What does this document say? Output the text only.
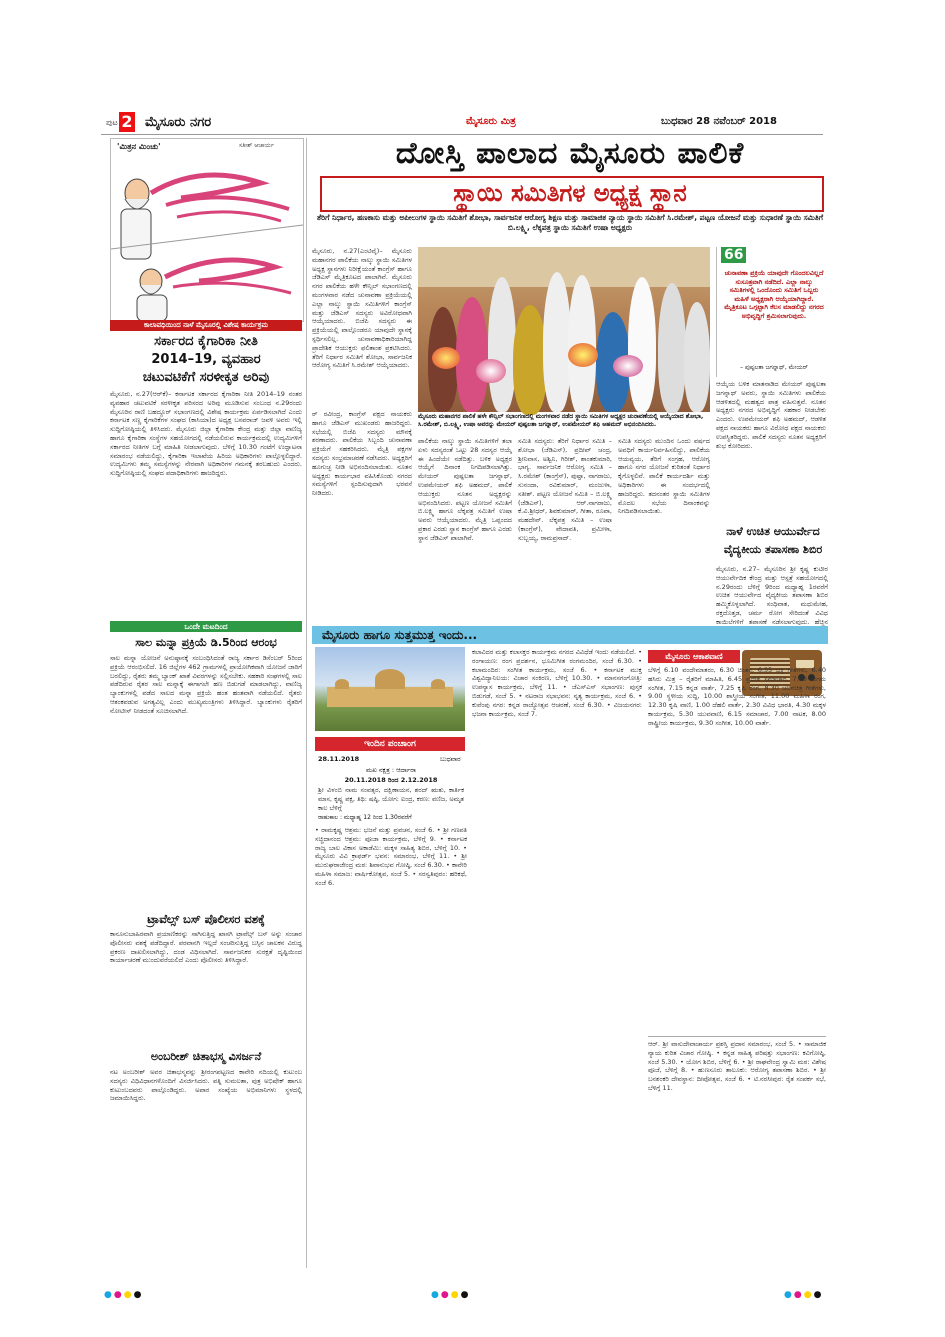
ಪುಟ 2 ಮೈಸೂರು ನಗರ	ಮೈಸೂರು ಮಿತ್ರ	ಬುಧವಾರ 28 ನವೆಂಬರ್ 2018
'ಮಿತ್ರನ ಮಿಂಚು'	ಸತೀಶ್ ಆಚಾರ್ಯ
ಕಾಲಾವಧಿಯಿಂದ ನಾಳೆ ಮೈಸೂರಲ್ಲಿ ವಿಶೇಷ ಕಾರ್ಯಕ್ರಮ
ಸರ್ಕಾರದ ಕೈಗಾರಿಕಾ ನೀತಿ
2014–19, ವ್ಯವಹಾರ
ಚಟುವಟಿಕೆಗೆ ಸರಳೀಕೃತ ಅರಿವು
ಮೈಸೂರು, ನ.27(ಆರ್‌ಕೆ)– ಕರ್ನಾಟಕ ಸರ್ಕಾರದ ಕೈಗಾರಿಕಾ ನೀತಿ 2014–19 ನಂತರ ವ್ಯವಹಾರ ಚಟುವಟಿಕೆ ಸರಳೀಕೃತ ಪರಿಸರದ ಅರಿವು ಮೂಡಿಸುವ ಸಂಬಂಧ ನ.29ರಂದು ಮೈಸೂರಿನ ರಾಣಿ ಬಹದ್ದೂರ್ ಸಭಾಂಗಣದಲ್ಲಿ ವಿಶೇಷ ಕಾರ್ಯಕ್ರಮ ಏರ್ಪಡಿಸಲಾಗಿದೆ ಎಂದು ಕರ್ನಾಟಕ ಸಣ್ಣ ಕೈಗಾರಿಕೆಗಳ ಸಂಘದ (ಕಾಸಿಯಾ)ದ ಅಧ್ಯಕ್ಷ ಬಸವರಾಜ್ ಜವಳಿ ಅವರು ಇಲ್ಲಿ ಸುದ್ದಿಗೋಷ್ಠಿಯಲ್ಲಿ ತಿಳಿಸಿದರು. ಮೈಸೂರು ಜಿಲ್ಲಾ ಕೈಗಾರಿಕಾ ಕೇಂದ್ರ ಮತ್ತು ಜಿಲ್ಲಾ ವಾಣಿಜ್ಯ ಹಾಗೂ ಕೈಗಾರಿಕಾ ಸಂಸ್ಥೆಗಳ ಸಹಯೋಗದಲ್ಲಿ ನಡೆಯಲಿರುವ ಕಾರ್ಯಕ್ರಮದಲ್ಲಿ ಉದ್ಯಮಿಗಳಿಗೆ ಸರ್ಕಾರದ ನೀತಿಗಳ ಬಗ್ಗೆ ಮಾಹಿತಿ ನೀಡಲಾಗುವುದು. ಬೆಳಿಗ್ಗೆ 10.30 ಗಂಟೆಗೆ ಉದ್ಘಾಟನಾ ಸಮಾರಂಭ ನಡೆಯಲಿದ್ದು, ಕೈಗಾರಿಕಾ ಇಲಾಖೆಯ ಹಿರಿಯ ಅಧಿಕಾರಿಗಳು ಪಾಲ್ಗೊಳ್ಳಲಿದ್ದಾರೆ. ಉದ್ಯಮಿಗಳು ತಮ್ಮ ಸಮಸ್ಯೆಗಳನ್ನು ನೇರವಾಗಿ ಅಧಿಕಾರಿಗಳ ಗಮನಕ್ಕೆ ತರಬಹುದು ಎಂದರು. ಸುದ್ದಿಗೋಷ್ಠಿಯಲ್ಲಿ ಸಂಘದ ಪದಾಧಿಕಾರಿಗಳು ಹಾಜರಿದ್ದರು.
ಒಂದೇ ಮಟದಿಂದ
ಸಾಲ ಮನ್ನಾ ಪ್ರಕ್ರಿಯೆ ಡಿ.5ರಿಂದ ಆರಂಭ
ಸಾಲ ಮನ್ನಾ ಯೋಜನೆ ಅನುಷ್ಠಾನಕ್ಕೆ ಸಂಬಂಧಿಸಿದಂತೆ ರಾಜ್ಯ ಸರ್ಕಾರ ಡಿಸೆಂಬರ್ 5ರಿಂದ ಪ್ರಕ್ರಿಯೆ ಆರಂಭಿಸಲಿದೆ. 16 ಜಿಲ್ಲೆಗಳ 462 ಗ್ರಾಮಗಳಲ್ಲಿ ಪ್ರಾಯೋಗಿಕವಾಗಿ ಯೋಜನೆ ಜಾರಿಗೆ ಬರಲಿದ್ದು, ರೈತರು ತಮ್ಮ ಬ್ಯಾಂಕ್ ಖಾತೆ ವಿವರಗಳನ್ನು ಸಲ್ಲಿಸಬೇಕು. ಸಹಕಾರಿ ಸಂಘಗಳಲ್ಲಿ ಸಾಲ ಪಡೆದಿರುವ ರೈತರ ಸಾಲ ಮನ್ನಾಕ್ಕೆ ಈಗಾಗಲೇ ಹಣ ಬಿಡುಗಡೆ ಮಾಡಲಾಗಿದ್ದು, ವಾಣಿಜ್ಯ ಬ್ಯಾಂಕುಗಳಲ್ಲಿ ಪಡೆದ ಸಾಲದ ಮನ್ನಾ ಪ್ರಕ್ರಿಯೆ ಹಂತ ಹಂತವಾಗಿ ನಡೆಯಲಿದೆ. ರೈತರು ಆತಂಕಪಡುವ ಅಗತ್ಯವಿಲ್ಲ ಎಂದು ಮುಖ್ಯಮಂತ್ರಿಗಳು ತಿಳಿಸಿದ್ದಾರೆ. ಬ್ಯಾಂಕುಗಳು ರೈತರಿಗೆ ನೋಟೀಸ್ ನೀಡದಂತೆ ಸೂಚಿಸಲಾಗಿದೆ.
ಟ್ರಾವೆಲ್ಸ್ ಬಸ್ ಪೊಲೀಸರ ವಶಕ್ಕೆ
ಕಾನೂನುಬಾಹಿರವಾಗಿ ಪ್ರಯಾಣಿಕರನ್ನು ಸಾಗಿಸುತ್ತಿದ್ದ ಖಾಸಗಿ ಟ್ರಾವೆಲ್ಸ್ ಬಸ್ ಅನ್ನು ಸಂಚಾರ ಪೊಲೀಸರು ವಶಕ್ಕೆ ಪಡೆದಿದ್ದಾರೆ. ಪರವಾನಗಿ ಇಲ್ಲದೆ ಸಂಚರಿಸುತ್ತಿದ್ದ ಬಸ್ಸಿನ ಚಾಲಕನ ವಿರುದ್ಧ ಪ್ರಕರಣ ದಾಖಲಿಸಲಾಗಿದ್ದು, ದಂಡ ವಿಧಿಸಲಾಗಿದೆ. ಸಾರ್ವಜನಿಕರ ಸುರಕ್ಷತೆ ದೃಷ್ಟಿಯಿಂದ ಕಾರ್ಯಾಚರಣೆ ಮುಂದುವರೆಯಲಿದೆ ಎಂದು ಪೊಲೀಸರು ತಿಳಿಸಿದ್ದಾರೆ.
ಅಂಬರೀಶ್ ಚಿತಾಭಸ್ಮ ವಿಸರ್ಜನೆ
ನಟ ಅಂಬರೀಶ್ ಅವರ ಚಿತಾಭಸ್ಮವನ್ನು ಶ್ರೀರಂಗಪಟ್ಟಣದ ಕಾವೇರಿ ನದಿಯಲ್ಲಿ ಕುಟುಂಬ ಸದಸ್ಯರು ವಿಧಿವಿಧಾನಗಳೊಂದಿಗೆ ವಿಸರ್ಜಿಸಿದರು. ಪತ್ನಿ ಸುಮಲತಾ, ಪುತ್ರ ಅಭಿಷೇಕ್ ಹಾಗೂ ಕುಟುಂಬದವರು ಪಾಲ್ಗೊಂಡಿದ್ದರು. ಅಪಾರ ಸಂಖ್ಯೆಯ ಅಭಿಮಾನಿಗಳು ಸ್ಥಳದಲ್ಲಿ ಜಮಾಯಿಸಿದ್ದರು.
ದೋಸ್ತಿ ಪಾಲಾದ ಮೈಸೂರು ಪಾಲಿಕೆ
ಸ್ಥಾಯಿ ಸಮಿತಿಗಳ ಅಧ್ಯಕ್ಷ ಸ್ಥಾನ
ತೆರಿಗೆ ನಿರ್ಧಾರ, ಹಣಕಾಸು ಮತ್ತು ಅಪೀಲುಗಳ ಸ್ಥಾಯಿ ಸಮಿತಿಗೆ ಶೋಭಾ, ಸಾರ್ವಜನಿಕ ಆರೋಗ್ಯ ಶಿಕ್ಷಣ ಮತ್ತು ಸಾಮಾಜಿಕ ನ್ಯಾಯ ಸ್ಥಾಯಿ ಸಮಿತಿಗೆ ಸಿ.ರಮೇಶ್, ಪಟ್ಟಣ ಯೋಜನೆ ಮತ್ತು ಸುಧಾರಣೆ ಸ್ಥಾಯಿ ಸಮಿತಿಗೆ ಬಿ.ಲಕ್ಷ್ಮಿ, ಲೆಕ್ಕಪತ್ರ ಸ್ಥಾಯಿ ಸಮಿತಿಗೆ ಉಷಾ ಅಧ್ಯಕ್ಷರು
ಮೈಸೂರು, ನ.27(ಎಂಟಿವೈ)– ಮೈಸೂರು ಮಹಾನಗರ ಪಾಲಿಕೆಯ ನಾಲ್ಕು ಸ್ಥಾಯಿ ಸಮಿತಿಗಳ ಅಧ್ಯಕ್ಷ ಸ್ಥಾನಗಳು ನಿರೀಕ್ಷೆಯಂತೆ ಕಾಂಗ್ರೆಸ್ ಹಾಗೂ ಜೆಡಿಎಸ್ ಮೈತ್ರಿಕೂಟದ ಪಾಲಾಗಿವೆ. ಮೈಸೂರು ನಗರ ಪಾಲಿಕೆಯ ಹಳೇ ಕೌನ್ಸಿಲ್ ಸಭಾಂಗಣದಲ್ಲಿ ಮಂಗಳವಾರ ನಡೆದ ಚುನಾವಣಾ ಪ್ರಕ್ರಿಯೆಯಲ್ಲಿ ಎಲ್ಲಾ ನಾಲ್ಕು ಸ್ಥಾಯಿ ಸಮಿತಿಗಳಿಗೆ ಕಾಂಗ್ರೆಸ್ ಮತ್ತು ಜೆಡಿಎಸ್ ಸದಸ್ಯರು ಅವಿರೋಧವಾಗಿ ಆಯ್ಕೆಯಾದರು. ಬಿಜೆಪಿ ಸದಸ್ಯರು ಈ ಪ್ರಕ್ರಿಯೆಯಲ್ಲಿ ಪಾಲ್ಗೊಂಡರೂ ಯಾವುದೇ ಸ್ಥಾನಕ್ಕೆ ಸ್ಪರ್ಧಿಸಲಿಲ್ಲ. ಚುನಾವಣಾಧಿಕಾರಿಯಾಗಿದ್ದ ಪ್ರಾದೇಶಿಕ ಆಯುಕ್ತರು ಫಲಿತಾಂಶ ಪ್ರಕಟಿಸಿದರು. ತೆರಿಗೆ ನಿರ್ಧಾರ ಸಮಿತಿಗೆ ಶೋಭಾ, ಸಾರ್ವಜನಿಕ ಆರೋಗ್ಯ ಸಮಿತಿಗೆ ಸಿ.ರಮೇಶ್ ಆಯ್ಕೆಯಾದರು.
66
ಚುನಾವಣಾ ಪ್ರಕ್ರಿಯೆ ಯಾವುದೇ ಗೊಂದಲವಿಲ್ಲದೆ ಸುಸೂತ್ರವಾಗಿ ನಡೆದಿದೆ. ಎಲ್ಲಾ ನಾಲ್ಕು ಸಮಿತಿಗಳಲ್ಲಿ ಒಂದೊಂದು ಸಮಿತಿಗೆ ಒಬ್ಬರು ಮಹಿಳೆ ಅಧ್ಯಕ್ಷರಾಗಿ ಆಯ್ಕೆಯಾಗಿದ್ದಾರೆ. ಮೈತ್ರಿಕೂಟ ಒಗ್ಗಟ್ಟಾಗಿ ಕೆಲಸ ಮಾಡಲಿದ್ದು ನಗರದ ಅಭಿವೃದ್ಧಿಗೆ ಶ್ರಮಿಸಲಾಗುವುದು.
– ಪುಷ್ಪಲತಾ ಜಗನ್ನಾಥ್, ಮೇಯರ್
ಆಯ್ಕೆಯ ಬಳಿಕ ಮಾತನಾಡಿದ ಮೇಯರ್ ಪುಷ್ಪಲತಾ ಜಗನ್ನಾಥ್ ಅವರು, ಸ್ಥಾಯಿ ಸಮಿತಿಗಳು ಪಾಲಿಕೆಯ ಆಡಳಿತದಲ್ಲಿ ಮಹತ್ವದ ಪಾತ್ರ ವಹಿಸುತ್ತವೆ. ನೂತನ ಅಧ್ಯಕ್ಷರು ನಗರದ ಅಭಿವೃದ್ಧಿಗೆ ಸಹಕಾರ ನೀಡಬೇಕು ಎಂದರು. ಉಪಮೇಯರ್ ಶಫಿ ಅಹಮದ್, ಆಡಳಿತ ಪಕ್ಷದ ನಾಯಕರು ಹಾಗೂ ವಿರೋಧ ಪಕ್ಷದ ನಾಯಕರು ಉಪಸ್ಥಿತರಿದ್ದರು. ಪಾಲಿಕೆ ಸದಸ್ಯರು ನೂತನ ಅಧ್ಯಕ್ಷರಿಗೆ ಶುಭ ಕೋರಿದರು.
ಮೈಸೂರು ಮಹಾನಗರ ಪಾಲಿಕೆ ಹಳೇ ಕೌನ್ಸಿಲ್ ಸಭಾಂಗಣದಲ್ಲಿ ಮಂಗಳವಾರ ನಡೆದ ಸ್ಥಾಯಿ ಸಮಿತಿಗಳ ಅಧ್ಯಕ್ಷರ ಚುನಾವಣೆಯಲ್ಲಿ ಆಯ್ಕೆಯಾದ ಶೋಭಾ, ಸಿ.ರಮೇಶ್, ಬಿ.ಲಕ್ಷ್ಮಿ, ಉಷಾ ಅವರನ್ನು ಮೇಯರ್ ಪುಷ್ಪಲತಾ ಜಗನ್ನಾಥ್, ಉಪಮೇಯರ್ ಶಫಿ ಅಹಮದ್ ಅಭಿನಂದಿಸಿದರು.

ರ್ ರವೀಂದ್ರ, ಕಾಂಗ್ರೆಸ್ ಪಕ್ಷದ ನಾಯಕರು ಹಾಗೂ ಜೆಡಿಎಸ್ ಮುಖಂಡರು ಹಾಜರಿದ್ದರು. ಸಭೆಯಲ್ಲಿ ಬಿಜೆಪಿ ಸದಸ್ಯರು ಮೌನಕ್ಕೆ ಶರಣಾದರು. ಪಾಲಿಕೆಯ ಸಿಬ್ಬಂದಿ ಚುನಾವಣಾ ಪ್ರಕ್ರಿಯೆಗೆ ಸಹಕರಿಸಿದರು. ಮೈತ್ರಿ ಪಕ್ಷಗಳ ಸದಸ್ಯರು ಸಂಭ್ರಮಾಚರಣೆ ನಡೆಸಿದರು. ಅಧ್ಯಕ್ಷರಿಗೆ ಹೂಗುಚ್ಛ ನೀಡಿ ಅಭಿನಂದಿಸಲಾಯಿತು. ನೂತನ ಅಧ್ಯಕ್ಷರು ಕಾರ್ಯಭಾರ ವಹಿಸಿಕೊಂಡು ನಗರದ ಸಮಸ್ಯೆಗಳಿಗೆ ಸ್ಪಂದಿಸುವುದಾಗಿ ಭರವಸೆ ನೀಡಿದರು.

ಪಾಲಿಕೆಯ ನಾಲ್ಕು ಸ್ಥಾಯಿ ಸಮಿತಿಗಳಿಗೆ ತಲಾ ಏಳು ಸದಸ್ಯರಂತೆ ಒಟ್ಟು 28 ಸದಸ್ಯರ ಆಯ್ಕೆ ಈ ಹಿಂದೆಯೇ ನಡೆದಿತ್ತು. ಬಳಿಕ ಅಧ್ಯಕ್ಷರ ಆಯ್ಕೆಗೆ ದಿನಾಂಕ ನಿಗದಿಪಡಿಸಲಾಗಿತ್ತು. ಮೇಯರ್ ಪುಷ್ಪಲತಾ ಜಗನ್ನಾಥ್, ಉಪಮೇಯರ್ ಶಫಿ ಅಹಮದ್, ಪಾಲಿಕೆ ಆಯುಕ್ತರು ನೂತನ ಅಧ್ಯಕ್ಷರನ್ನು ಅಭಿನಂದಿಸಿದರು. ಪಟ್ಟಣ ಯೋಜನೆ ಸಮಿತಿಗೆ ಬಿ.ಲಕ್ಷ್ಮಿ ಹಾಗೂ ಲೆಕ್ಕಪತ್ರ ಸಮಿತಿಗೆ ಉಷಾ ಅವರು ಆಯ್ಕೆಯಾದರು. ಮೈತ್ರಿ ಒಪ್ಪಂದದ ಪ್ರಕಾರ ಎರಡು ಸ್ಥಾನ ಕಾಂಗ್ರೆಸ್ ಹಾಗೂ ಎರಡು ಸ್ಥಾನ ಜೆಡಿಎಸ್ ಪಾಲಾಗಿವೆ.
ಸಮಿತಿ ಸದಸ್ಯರು: ತೆರಿಗೆ ನಿರ್ಧಾರ ಸಮಿತಿ – ಶೋಭಾ (ಜೆಡಿಎಸ್), ಪ್ರದೀಪ್ ಚಂದ್ರ, ಶ್ರೀನಿವಾಸ, ಅಶ್ವಿನಿ, ಗಿರೀಶ್, ಶಾಂತಕುಮಾರಿ, ಭಾಗ್ಯ. ಸಾರ್ವಜನಿಕ ಆರೋಗ್ಯ ಸಮಿತಿ – ಸಿ.ರಮೇಶ್ (ಕಾಂಗ್ರೆಸ್), ಪುಷ್ಪಾ, ನಾಗರಾಜು, ಸುನಂದಾ, ರವಿಕುಮಾರ್, ಮಂಜುಳಾ, ಸತೀಶ್. ಪಟ್ಟಣ ಯೋಜನೆ ಸಮಿತಿ – ಬಿ.ಲಕ್ಷ್ಮಿ (ಜೆಡಿಎಸ್), ಆರ್.ನಾಗರಾಜು, ಕೆ.ವಿ.ಶ್ರೀಧರ್, ಶಿವಕುಮಾರ್, ಗೀತಾ, ರೂಪಾ, ಮಹದೇವ್. ಲೆಕ್ಕಪತ್ರ ಸಮಿತಿ – ಉಷಾ (ಕಾಂಗ್ರೆಸ್), ವೇದಾವತಿ, ಪ್ರಮೀಳಾ, ಸುಬ್ಬಯ್ಯ, ರಾಮಪ್ರಸಾದ್.

ಸಮಿತಿ ಸದಸ್ಯರು ಮುಂದಿನ ಒಂದು ವರ್ಷದ ಅವಧಿಗೆ ಕಾರ್ಯನಿರ್ವಹಿಸಲಿದ್ದು, ಪಾಲಿಕೆಯ ಆಯವ್ಯಯ, ತೆರಿಗೆ ಸಂಗ್ರಹ, ಆರೋಗ್ಯ ಹಾಗೂ ನಗರ ಯೋಜನೆ ಕುರಿತಂತೆ ನಿರ್ಧಾರ ಕೈಗೊಳ್ಳಲಿವೆ. ಪಾಲಿಕೆ ಕಾರ್ಯದರ್ಶಿ ಮತ್ತು ಅಧಿಕಾರಿಗಳು ಈ ಸಂದರ್ಭದಲ್ಲಿ ಹಾಜರಿದ್ದರು. ತದನಂತರ ಸ್ಥಾಯಿ ಸಮಿತಿಗಳ ಮೊದಲ ಸಭೆಯ ದಿನಾಂಕವನ್ನು ನಿಗದಿಪಡಿಸಲಾಯಿತು.

ನಾಳೆ ಉಚಿತ ಆಯುರ್ವೇದ
ವೈದ್ಯಕೀಯ ತಪಾಸಣಾ ಶಿಬಿರ
ಮೈಸೂರು, ನ.27– ಮೈಸೂರಿನ ಶ್ರೀ ಕೃಷ್ಣ ಕುಟೀರ ಆಯುರ್ವೇದಿಕ ಕೇಂದ್ರ ಮತ್ತು ಆಸ್ಪತ್ರೆ ಸಹಯೋಗದಲ್ಲಿ ನ.29ರಂದು ಬೆಳಿಗ್ಗೆ 9ರಿಂದ ಮಧ್ಯಾಹ್ನ 1ರವರೆಗೆ ಉಚಿತ ಆಯುರ್ವೇದ ವೈದ್ಯಕೀಯ ತಪಾಸಣಾ ಶಿಬಿರ ಹಮ್ಮಿಕೊಳ್ಳಲಾಗಿದೆ. ಸಂಧಿವಾತ, ಮಧುಮೇಹ, ರಕ್ತದೊತ್ತಡ, ಚರ್ಮ ರೋಗ ಸೇರಿದಂತೆ ವಿವಿಧ ಕಾಯಿಲೆಗಳಿಗೆ ತಪಾಸಣೆ ನಡೆಸಲಾಗುವುದು. ಹೆಚ್ಚಿನ
ಮೈಸೂರು ಹಾಗೂ ಸುತ್ತಮುತ್ತ ಇಂದು...
ಇಂದಿನ ಪಂಚಾಂಗ
28.11.2018	ಬುಧವಾರ
ಮಖ ನಕ್ಷತ್ರ : ಆರ್ದಾರಾ
20.11.2018 ರಿಂದ 2.12.2018
ಶ್ರೀ ವಿಳಂಬಿ ನಾಮ ಸಂವತ್ಸರ, ದಕ್ಷಿಣಾಯನ, ಶರದ್ ಋತು, ಕಾರ್ತಿಕ ಮಾಸ, ಕೃಷ್ಣ ಪಕ್ಷ, ತಿಥಿ: ಷಷ್ಠಿ, ಯೋಗ: ಐಂದ್ರ, ಕರಣ: ವಣಿಜ, ಅಮೃತ ಕಾಲ ಬೆಳಿಗ್ಗೆ
ರಾಹುಕಾಲ : ಮಧ್ಯಾಹ್ನ 12 ರಿಂದ 1.30ರವರೆಗೆ
• ರಾಮಕೃಷ್ಣ ಆಶ್ರಮ: ಭಜನೆ ಮತ್ತು ಪ್ರವಚನ, ಸಂಜೆ 6. • ಶ್ರೀ ಗಣಪತಿ ಸಚ್ಚಿದಾನಂದ ಆಶ್ರಮ: ಪೂಜಾ ಕಾರ್ಯಕ್ರಮ, ಬೆಳಿಗ್ಗೆ 9. • ಕರ್ನಾಟಕ ರಾಜ್ಯ ಬಾಲ ವಿಕಾಸ ಅಕಾಡೆಮಿ: ಮಕ್ಕಳ ಸಾಹಿತ್ಯ ಶಿಬಿರ, ಬೆಳಿಗ್ಗೆ 10. • ಮೈಸೂರು ವಿವಿ ಕ್ರಾಫರ್ಡ್ ಭವನ: ಸಮಾರಂಭ, ಬೆಳಿಗ್ಗೆ 11. • ಶ್ರೀ ಮುರುಘರಾಜೇಂದ್ರ ಮಠ: ಶಿವಾನುಭವ ಗೋಷ್ಠಿ, ಸಂಜೆ 6.30. • ಕಾವೇರಿ ಮಹಿಳಾ ಸಮಾಜ: ವಾರ್ಷಿಕೋತ್ಸವ, ಸಂಜೆ 5. • ಸರಸ್ವತಿಪುರಂ: ಹರಿಕಥೆ, ಸಂಜೆ 6.
ಕಲಾವಿದರ ಮತ್ತು ಕಲಾಸಕ್ತರ ಕಾರ್ಯಕ್ರಮ ನಗರದ ವಿವಿಧೆಡೆ ಇಂದು ನಡೆಯಲಿದೆ. • ರಂಗಾಯಣ: ರಂಗ ಪ್ರದರ್ಶನ, ಭೂಮಿಗೀತ ರಂಗಮಂದಿರ, ಸಂಜೆ 6.30. • ಕಲಾಮಂದಿರ: ಸಂಗೀತ ಕಾರ್ಯಕ್ರಮ, ಸಂಜೆ 6. • ಕರ್ನಾಟಕ ಮುಕ್ತ ವಿಶ್ವವಿದ್ಯಾನಿಲಯ: ವಿಚಾರ ಸಂಕಿರಣ, ಬೆಳಿಗ್ಗೆ 10.30. • ಮಾನಸಗಂಗೋತ್ರಿ: ಉಪನ್ಯಾಸ ಕಾರ್ಯಕ್ರಮ, ಬೆಳಿಗ್ಗೆ 11. • ಜೆಎಸ್‌ಎಸ್ ಸಭಾಂಗಣ: ಪುಸ್ತಕ ಬಿಡುಗಡೆ, ಸಂಜೆ 5. • ನಟರಾಜ ಸಭಾಭವನ: ನೃತ್ಯ ಕಾರ್ಯಕ್ರಮ, ಸಂಜೆ 6. • ಕುವೆಂಪು ನಗರ: ಕನ್ನಡ ರಾಜ್ಯೋತ್ಸವ ಆಚರಣೆ, ಸಂಜೆ 6.30. • ವಿಜಯನಗರ: ಭಜನಾ ಕಾರ್ಯಕ್ರಮ, ಸಂಜೆ 7.
ಮೈಸೂರು ಆಕಾಶವಾಣಿ
ಬೆಳಿಗ್ಗೆ 6.10 ವಂದೇಮಾತರಂ, 6.30 ಚಿಂತನ, 6.35 ಭಕ್ತಿ ಗೀತೆಗಳು, 6.40 ಹಸಿರು ಮಿತ್ರ – ರೈತರಿಗೆ ಮಾಹಿತಿ, 6.45 ಪ್ರದೇಶ ಸಮಾಚಾರ, 7.00 ಸುಗಮ ಸಂಗೀತ, 7.15 ಕನ್ನಡ ವಾರ್ತೆ, 7.25 ಕೃಷಿ ರಂಗ, 8.30 ಚಲನಚಿತ್ರ ಗೀತೆಗಳು, 9.00 ಸ್ಥಳೀಯ ಸುದ್ದಿ, 10.00 ಶಾಸ್ತ್ರೀಯ ಸಂಗೀತ, 11.00 ಮಹಿಳಾ ರಂಗ, 12.30 ಕೃಷಿ ವಾಣಿ, 1.00 ದೆಹಲಿ ವಾರ್ತೆ, 2.30 ವಿವಿಧ ಭಾರತಿ, 4.30 ಮಕ್ಕಳ ಕಾರ್ಯಕ್ರಮ, 5.30 ಯುವವಾಣಿ, 6.15 ಸಮಾಚಾರ, 7.00 ನಾಟಕ, 8.00 ರಾಷ್ಟ್ರೀಯ ಕಾರ್ಯಕ್ರಮ, 9.30 ಸಂಗೀತ, 10.00 ವಾರ್ತೆ.
ಆರ್. ಶ್ರೀ ವಾಸುದೇವಾಚಾರ್ಯ ಪ್ರಶಸ್ತಿ ಪ್ರದಾನ ಸಮಾರಂಭ, ಸಂಜೆ 5. • ಸಾಮಾಜಿಕ ನ್ಯಾಯ ಕುರಿತ ವಿಚಾರ ಗೋಷ್ಠಿ. • ಕನ್ನಡ ಸಾಹಿತ್ಯ ಪರಿಷತ್ತು ಸಭಾಂಗಣ: ಕವಿಗೋಷ್ಠಿ, ಸಂಜೆ 5.30. • ಯೋಗ ಶಿಬಿರ, ಬೆಳಿಗ್ಗೆ 6. • ಶ್ರೀ ರಾಘವೇಂದ್ರ ಸ್ವಾಮಿ ಮಠ: ವಿಶೇಷ ಪೂಜೆ, ಬೆಳಿಗ್ಗೆ 8. • ಹುಣಸೂರು ತಾಲೂಕು: ಆರೋಗ್ಯ ತಪಾಸಣಾ ಶಿಬಿರ. • ಶ್ರೀ ಬನಶಂಕರಿ ದೇವಸ್ಥಾನ: ದೀಪೋತ್ಸವ, ಸಂಜೆ 6. • ಟಿ.ನರಸೀಪುರ: ರೈತ ಸಂಪರ್ಕ ಸಭೆ, ಬೆಳಿಗ್ಗೆ 11.
●●●●	●●●●	●●●●
